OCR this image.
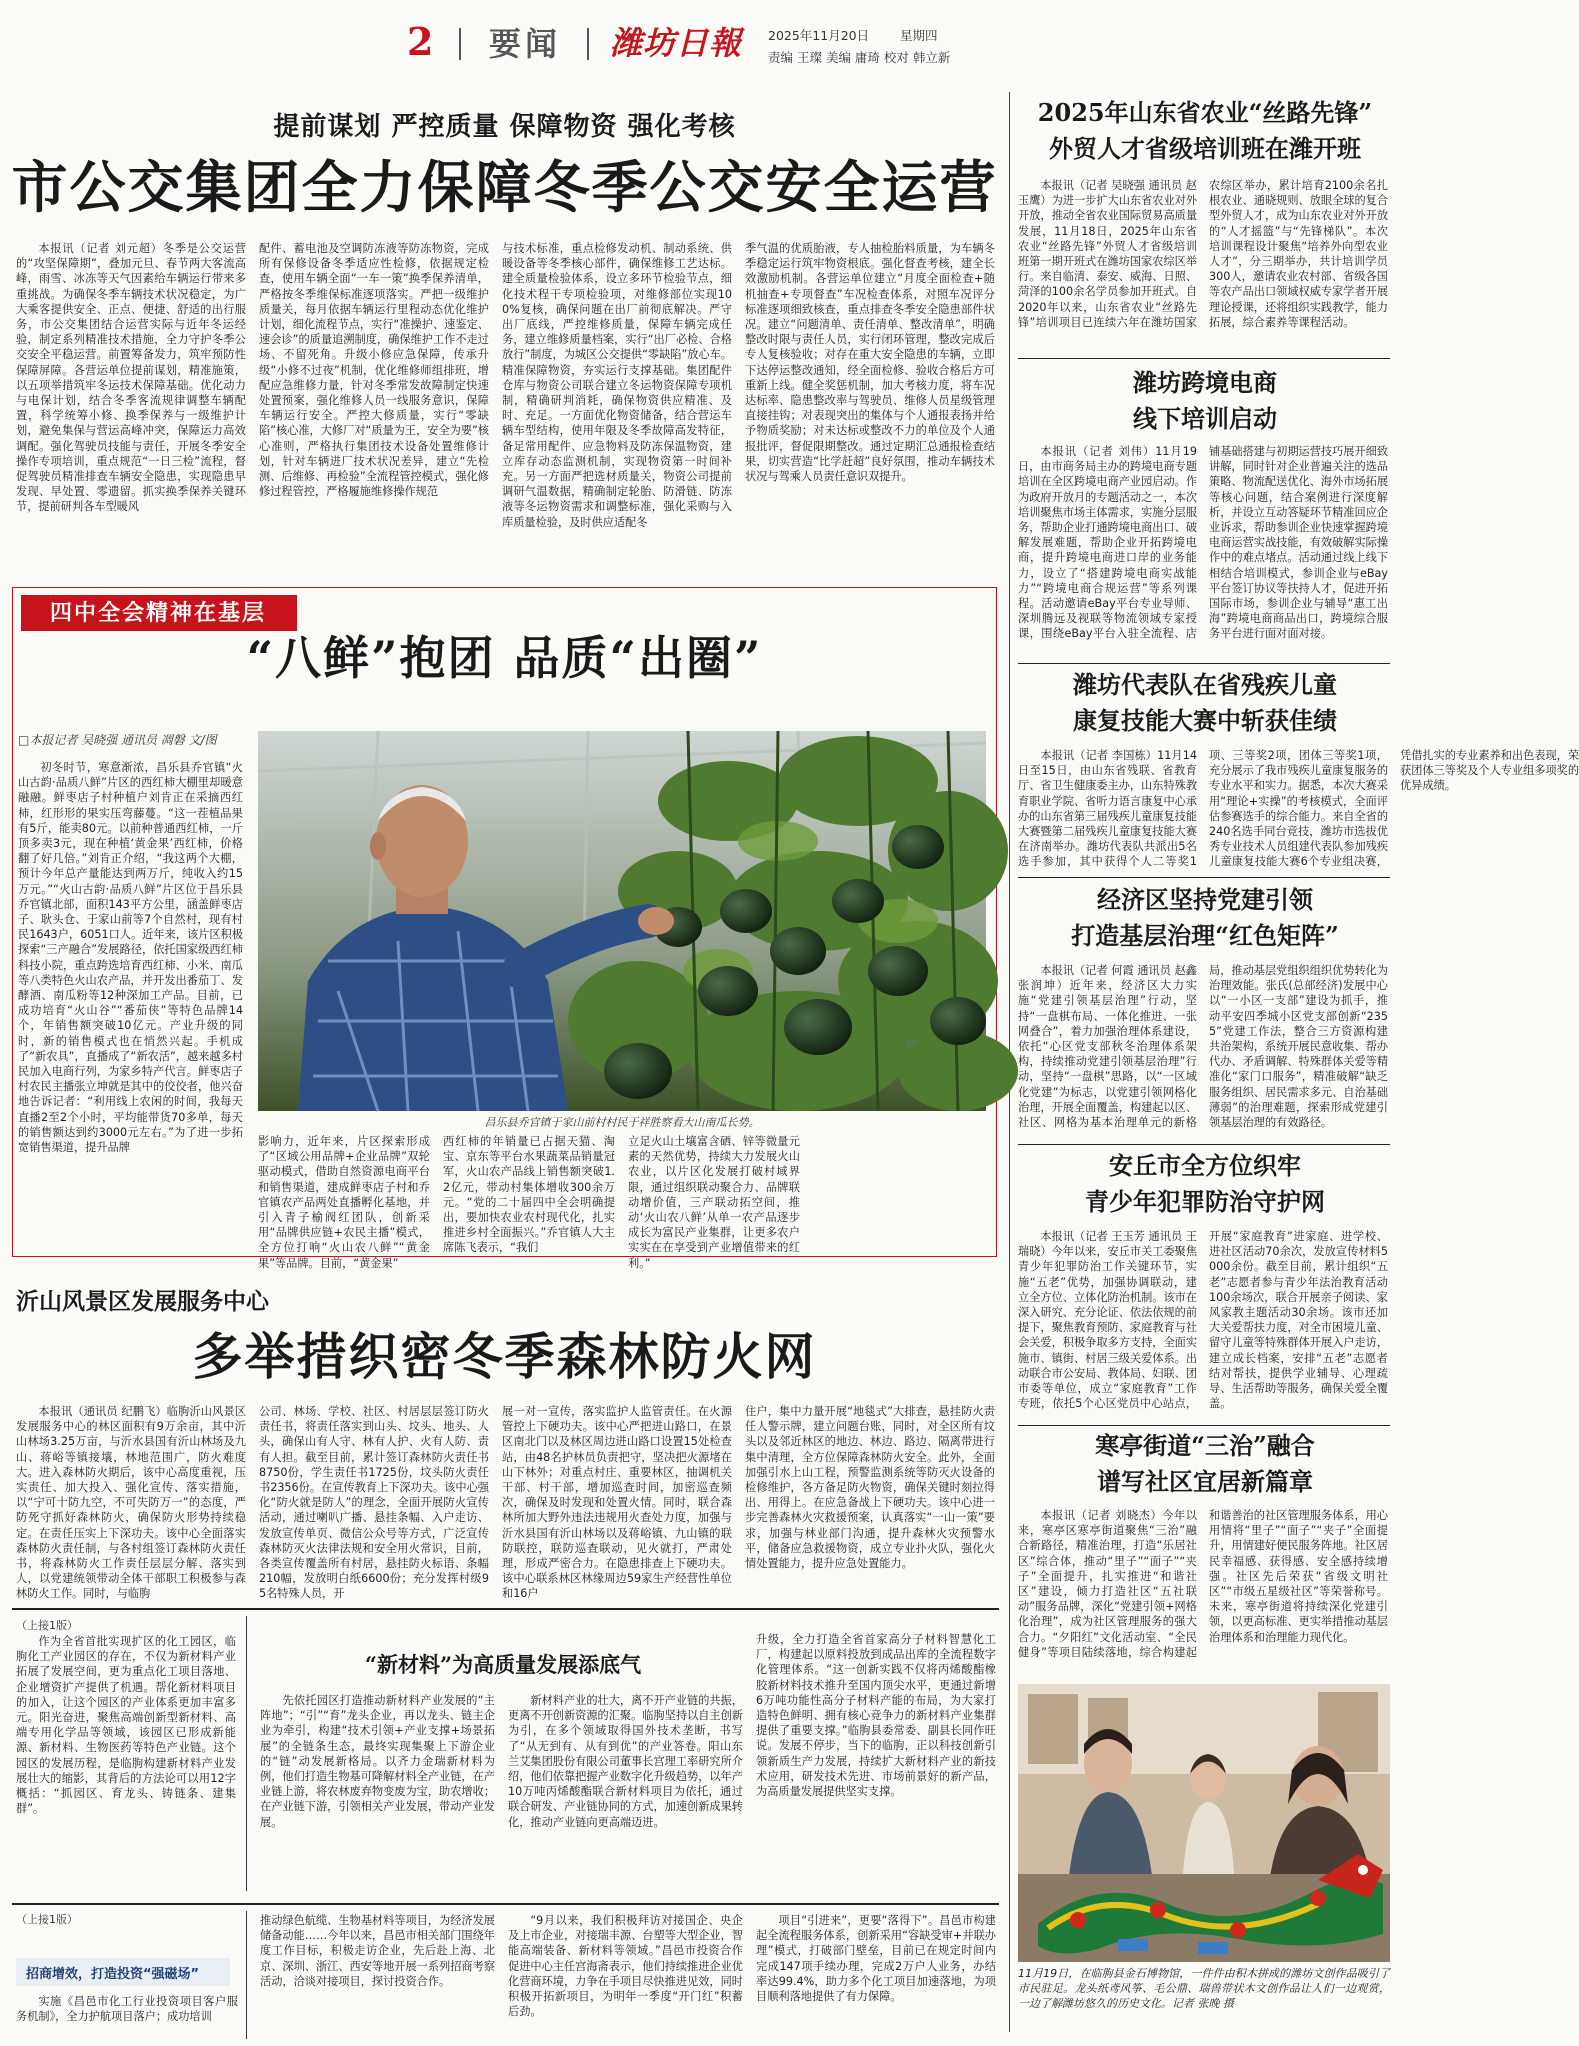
2 要闻 潍坊日報 2025年11月20日 星期四
责编 王璨 美编 庸琦 校对 韩立新
提前谋划 严控质量 保障物资 强化考核
市公交集团全力保障冬季公交安全运营

本报讯（记者 刘元超）冬季是公交运营的“攻坚保障期”，叠加元旦、春节两大客流高峰，雨雪、冰冻等天气因素给车辆运行带来多重挑战。为确保冬季车辆技术状况稳定，为广大乘客提供安全、正点、便捷、舒适的出行服务，市公交集团结合运营实际与近年冬运经验，制定系列精准技术措施，全力守护冬季公交安全平稳运营。前置筹备发力，筑牢预防性保障屏障。各营运单位提前谋划，精准施策，以五项举措筑牢冬运技术保障基础。优化动力与电保计划，结合冬季客流规律调整车辆配置，科学统筹小修、换季保养与一级维护计划，避免集保与营运高峰冲突，保障运力高效调配。强化驾驶员技能与责任，开展冬季安全操作专项培训，重点规范“一日三检”流程，督促驾驶员精准排查车辆安全隐患，实现隐患早发现、早处置、零遗留。抓实换季保养关键环节，提前研判各车型暖风

配件、蓄电池及空调防冻液等防冻物资，完成所有保修设备冬季适应性检修，依据规定检查，使用车辆全面“一车一策”换季保养清单，严格按冬季维保标准逐项落实。严把一级维护质量关，每月依据车辆运行里程动态优化维护计划，细化流程节点，实行“准操护、速鉴定、速会诊”的质量追溯制度，确保维护工作不走过场、不留死角。升级小修应急保障，传承升级“小修不过夜”机制，优化维修师组排班，增配应急维修力量，针对冬季常发故障制定快速处置预案，强化维修人员一线服务意识，保障车辆运行安全。严控大修质量，实行“零缺陷”核心准，大修厂对“质量为王，安全为要”核心准则，严格执行集团技术设备处置维修计划，针对车辆进厂技术状况差异，建立“先检测、后维修、再检验”全流程管控模式，强化修修过程管控，严格履施维修操作规范

与技术标准，重点检修发动机、制动系统、供暖设备等冬季核心部件，确保维修工艺达标。建全质量检验体系，设立多环节检验节点，细化技术程干专项检验项，对维修部位实现100%复核，确保问题在出厂前彻底解决。严守出厂底线，严控维修质量，保障车辆完成任务，建立维修质量档案，实行“出厂必检、合格放行”制度，为城区公交提供“零缺陷”放心车。精准保障物资，夯实运行支撑基础。集团配件仓库与物资公司联合建立冬运物资保障专项机制，精确研判消耗，确保物资供应精准、及时、充足。一方面优化物资储备，结合营运车辆车型结构，使用年限及冬季故障高发特征，备足常用配件、应急物料及防冻保温物资，建立库存动态监测机制，实现物资第一时间补充。另一方面严把选材质量关，物资公司提前调研气温数据，精确制定轮胎、防滑链、防冻液等冬运物资需求和调整标准，强化采购与入库质量检验，及时供应适配冬

季气温的优质胎液，专人抽检胎料质量，为车辆冬季稳定运行筑牢物资根底。强化督查考核，建全长效激励机制。各营运单位建立“月度全面检查+随机抽查+专项督查”车况检查体系，对照车况评分标准逐项细致核查，重点排查冬季安全隐患部件状况。建立“问题清单、责任清单、整改清单”，明确整改时限与责任人员，实行闭环管理，整改完成后专人复核验收；对存在重大安全隐患的车辆，立即下达停运整改通知，经全面检修、验收合格后方可重新上线。健全奖惩机制，加大考核力度，将车况达标率、隐患整改率与驾驶员、维修人员星级管理直接挂钩；对表现突出的集体与个人通报表扬并给予物质奖励；对未达标或整改不力的单位及个人通报批评，督促限期整改。通过定期汇总通报检查结果，切实营造“比学赶超”良好氛围，推动车辆技术状况与驾乘人员责任意识双提升。

四中全会精神在基层
“八鲜”抱团 品质“出圈”
□本报记者 吴晓强 通讯员 凋磐 文/图
昌乐县乔官镇于家山前村村民于祥胜察看大山南瓜长势。

初冬时节，寒意渐浓，昌乐县乔官镇“火山古韵·品质八鲜”片区的西红柿大棚里却暖意融融。鲜枣店子村种植户刘肯正在采摘西红柿，红形形的果实压弯藤蔓。“这一茬植品果有5斤，能卖80元。以前种普通西红柿，一斤顶多卖3元，现在种植‘黄金果’西红柿，价格翻了好几倍。”刘肯正介绍，“我这两个大棚，预计今年总产量能达到两万斤，纯收入约15万元。”“火山古韵·品质八鲜”片区位于昌乐县乔官镇北部，面积143平方公里，涵盖鲜枣店子、耿头仓、于家山前等7个自然村，现有村民1643户，6051口人。近年来，该片区积极探索“三产融合”发展路径，依托国家级西红柿科技小院，重点跨选培育西红柿、小米、南瓜等八类特色火山农产品，并开发出番茄丁、发酵酒、南瓜粉等12种深加工产品。目前，已成功培育“火山谷”“番茄侠”等特色品牌14个，年销售额突破10亿元。产业升级的同时，新的销售模式也在悄然兴起。手机成了“新农具”，直播成了“新农活”，越来越多村民加入电商行列，为家乡特产代言。鲜枣店子村农民主播张立坤就是其中的佼佼者，他兴奋地告诉记者：“利用线上农闲的时间，我每天直播2至2个小时，平均能带货70多单，每天的销售额达到约3000元左右。”为了进一步拓宽销售渠道，提升品牌	影响力，近年来，片区探索形成了“区域公用品牌+企业品牌”双轮驱动模式，借助自然资源电商平台和销售渠道，建成鲜枣店子村和乔官镇农产品两处直播孵化基地，并引入青子榆阀红团队，创新采用“品牌供应链+农民主播”模式，全方位打响“火山农八鲜”“黄金果”等品牌。目前，“黄金果”

西红柿的年销量已占据天猫、淘宝、京东等平台水果蔬菜品销量冠军，火山农产品线上销售额突破1.2亿元，带动村集体增收300余万元。“党的二十届四中全会明确提出，要加快农业农村现代化，扎实推进乡村全面振兴。”乔官镇人大主席陈飞表示，“我们

立足火山土壤富含硒、锌等微量元素的天然优势，持续大力发展火山农业，以片区化发展打破村域界限，通过组织联动聚合力、品牌联动增价值，三产联动拓空间，推动‘火山农八鲜’从单一农产品逐步成长为富民产业集群，让更多农户实实在在享受到产业增值带来的红利。”

沂山风景区发展服务中心
多举措织密冬季森林防火网

本报讯（通讯员 纪鹏飞）临朐沂山风景区发展服务中心的林区面积有9万余亩，其中沂山林场3.25万亩，与沂水县国有沂山林场及九山、蒋峪等镇接壤，林地范围广，防火难度大。进入森林防火期后，该中心高度重视，压实责任、加大投入、强化宣传、落实措施，以“宁可十防九空，不可失防万一”的态度，严防死守抓好森林防火，确保防火形势持续稳定。在责任压实上下深功夫。该中心全面落实森林防火责任制，与各村组签订森林防火责任书，将森林防火工作责任层层分解、落实到人，以党建统领带动全体干部职工积极参与森林防火工作。同时，与临朐

公司、林场、学校、社区、村居层层签订防火责任书，将责任落实到山头、坟头、地头、人头，确保山有人守、林有人护、火有人防、责有人担。截至目前，累计签订森林防火责任书8750份，学生责任书1725份，坟头防火责任书2356份。在宣传教育上下深功夫。该中心强化“防火就是防人”的理念，全面开展防火宣传活动，通过喇叭广播、悬挂条幅、入户走访、发放宣传单页、微信公众号等方式，广泛宣传森林防灭火法律法规和安全用火常识，目前，各类宣传覆盖所有村居，悬挂防火标语、条幅210幅，发放明白纸6600份；充分发挥村级95名特殊人员，开

展一对一宣传，落实监护人监管责任。在火源管控上下硬功夫。该中心严把进山路口，在景区南北门以及林区周边进山路口设置15处检查站，由48名护林员负责把守，坚决把火源堵在山下林外；对重点村庄、重要林区，抽调机关干部、村干部，增加巡查时间，加密巡查频次，确保及时发现和处置火情。同时，联合森林所加大野外违法违规用火查处力度，加强与沂水县国有沂山林场以及蒋峪镇、九山镇的联防联控，联防巡查联动，见火就打，严肃处理，形成严密合力。在隐患排查上下硬功夫。该中心联系林区林缘周边59家生产经营性单位和16户

住户，集中力量开展“地毯式”大排查，悬挂防火责任人警示牌，建立问题台账，同时，对全区所有坟头以及邻近林区的地边、林边、路边、隔离带进行集中清理，全方位保障森林防火安全。此外，全面加强引水上山工程，预警监测系统等防灭火设备的检修维护，各方备足防火物资，确保关键时刻拉得出、用得上。在应急备战上下硬功夫。该中心进一步完善森林火灾救援预案，认真落实“一山一策”要求，加强与林业部门沟通，提升森林火灾预警水平，储备应急救援物资，成立专业扑火队，强化火情处置能力，提升应急处置能力。

（上接1版）

作为全省首批实现扩区的化工园区，临朐化工产业园区的存在，不仅为新材料产业拓展了发展空间，更为重点化工项目落地、企业增资扩产提供了机遇。帮化新材料项目的加入，让这个园区的产业体系更加丰富多元。阳光奋进，聚焦高端创新型新材料、高端专用化学品等领域，该园区已形成新能源、新材料、生物医药等特色产业链。这个园区的发展历程，是临朐构建新材料产业发展壮大的缩影，其背后的方法论可以用12字概括：“抓园区、育龙头、铸链条、建集群”。

“新材料”为高质量发展添底气

先依托园区打造推动新材料产业发展的“主阵地”；“引”“育”龙头企业，再以龙头、链主企业为牵引，构建“技术引领+产业支撑+场景拓展”的全链条生态，最终实现集聚上下游企业的“链”动发展新格局。以齐力金瑞新材料为例，他们打造生物基可降解材料全产业链，在产业链上游，将农林废弃物变废为宝，助农增收；在产业链下游，引领相关产业发展，带动产业发展。

新材料产业的壮大，离不开产业链的共振，更离不开创新资源的汇聚。临朐坚持以自主创新为引，在多个领域取得国外技术垄断，书写了“从无到有、从有到优”的产业答卷。阳山东兰艾集团股份有限公司董事长宫理工率研究所介绍，他们依靠把握产业数字化升级趋势，以年产10万吨丙烯酸酯联合新材料项目为依托，通过联合研发、产业链协同的方式，加速创新成果转化，推动产业链向更高端迈进。

升级，全力打造全省首家高分子材料智慧化工厂，构建起以原料投放到成品出库的全流程数字化管理体系。“这一创新实践不仅将丙烯酸酯橡胶新材料技术推升至国内顶尖水平，更通过新增6万吨功能性高分子材料产能的布局，为大家打造特色鲜明、拥有核心竞争力的新材料产业集群提供了重要支撑。”临朐县委常委、副县长同作旺说。发展不停步，当下的临朐，正以科技创新引领新质生产力发展，持续扩大新材料产业的新技术应用，研发技术先进、市场前景好的新产品，为高质量发展提供坚实支撑。

（上接1版）
招商增效，打造投资“强磁场”

实施《昌邑市化工行业投资项目客户服务机制》，全力护航项目落户；成功培训

推动绿色航缆、生物基材料等项目，为经济发展储备动能……今年以来，昌邑市相关部门围绕年度工作目标，积极走访企业，先后赴上海、北京、深圳、浙江、西安等地开展一系列招商考察活动，洽谈对接项目，探讨投资合作。

“9月以来，我们积极拜访对接国企、央企及上市企业，对接瑞丰源、台塑等大型企业，智能高端装备、新材料等领域。”昌邑市投资合作促进中心主任宫海斋表示，他们持续推进企业优化营商环境，力争在手项目尽快推进见效，同时积极开拓新项目，为明年一季度“开门红”积蓄后劲。

项目“引进来”，更要“落得下”。昌邑市构建起全流程服务体系，创新采用“容缺受审+并联办理”模式，打破部门壁垒，目前已在规定时间内完成147项手续办理，完成2万户人业务，办结率达99.4%，助力多个化工项目加速落地，为项目顺利落地提供了有力保障。

2025年山东省农业“丝路先锋”
外贸人才省级培训班在潍开班

本报讯（记者 吴晓强 通讯员 赵玉鹰）为进一步扩大山东省农业对外开放，推动全省农业国际贸易高质量发展，11月18日，2025年山东省农业“丝路先锋”外贸人才省级培训班第一期开班式在潍坊国家农综区举行。来自临清、泰安、威海、日照、菏泽的100余名学员参加开班式。自2020年以来，山东省农业“丝路先锋”培训项目已连续六年在潍坊国家农综区举办，累计培育2100余名扎根农业、通晓规则、放眼全球的复合型外贸人才，成为山东农业对外开放的“人才摇篮”与“先锋梯队”。本次培训课程设计聚焦“培养外向型农业人才”，分三期举办，共计培训学员300人，邀请农业农村部、省级各国等农产品出口领域权威专家学者开展理论授课，还将组织实践教学，能力拓展，综合素养等课程活动。

潍坊跨境电商
线下培训启动

本报讯（记者 刘伟）11月19日，由市商务局主办的跨境电商专题培训在全区跨境电商产业园启动。作为政府开放月的专题活动之一，本次培训聚焦市场主体需求，实施分层服务，帮助企业打通跨境电商出口、破解发展难题，帮助企业开拓跨境电商，提升跨境电商进口岸的业务能力，设立了“搭建跨境电商实战能力”“跨境电商合规运营”等系列课程。活动邀请eBay平台专业导师、深圳腾远及视联等物流领域专家授课，围绕eBay平台入驻全流程、店铺基础搭建与初期运营技巧展开细致讲解，同时针对企业普遍关注的选品策略、物流配送优化、海外市场拓展等核心问题，结合案例进行深度解析，并设立互动答疑环节精准回应企业诉求，帮助参训企业快速掌握跨境电商运营实战技能，有效破解实际操作中的难点堵点。活动通过线上线下相结合培训模式，参训企业与eBay平台签订协议等扶持人才，促进开拓国际市场，参训企业与辅导“惠工出海”跨境电商商品出口，跨境综合服务平台进行面对面对接。

潍坊代表队在省残疾儿童
康复技能大赛中斩获佳绩

本报讯（记者 李国栋）11月14日至15日，由山东省残联、省教育厅、省卫生健康委主办，山东特殊教育职业学院、省听力语言康复中心承办的山东省第三届残疾儿童康复技能大赛暨第二届残疾儿童康复技能大赛在济南举办。潍坊代表队共派出5名选手参加，其中获得个人二等奖1项、三等奖2项，团体三等奖1项，充分展示了我市残疾儿童康复服务的专业水平和实力。据悉，本次大赛采用“理论+实操”的考核模式，全面评估参赛选手的综合能力。来自全省的240名选手同台竞技，潍坊市选拔优秀专业技术人员组建代表队参加残疾儿童康复技能大赛6个专业组决赛，凭借扎实的专业素养和出色表现，荣获团体三等奖及个人专业组多项奖的优异成绩。

经济区坚持党建引领
打造基层治理“红色矩阵”

本报讯（记者 何霞 通讯员 赵鑫 张润坤）近年来，经济区大力实施“党建引领基层治理”行动，坚持“一盘棋布局、一体化推进、一张网叠合”，着力加强治理体系建设，依托“心区党支部秋冬治理体系架构，持续推动党建引领基层治理”行动，坚持“一盘棋”思路，以“一区域化党建”为标志，以党建引领网格化治理，开展全面覆盖，构建起以区、社区、网格为基本治理单元的新格局，推动基层党组织组织优势转化为治理效能。张氏(总部经济)发展中心以“一小区一支部”建设为抓手，推动平安四季城小区党支部创新“2355”党建工作法，整合三方资源构建共治架构，系统开展民意收集、帮办代办、矛盾调解、特殊群体关爱等精准化“家门口服务”，精准破解“缺乏服务组织、居民需求多元、自治基础薄弱”的治理难题，探索形成党建引领基层治理的有效路径。

安丘市全方位织牢
青少年犯罪防治守护网

本报讯（记者 王玉芳 通讯员 王瑞晓）今年以来，安丘市关工委聚焦青少年犯罪防治工作关键环节，实施“五老”优势，加强协调联动，建立全方位、立体化防治机制。该市在深入研究、充分论证、依法依规的前提下，聚焦教育预防、家庭教育与社会关爱，积极争取多方支持，全面实施市、镇街、村居三级关爱体系。出动联合市公安局、教体局、妇联、团市委等单位，成立“家庭教育”工作专班，依托5个心区党员中心站点，开展“家庭教育”进家庭、进学校、进社区活动70余次，发放宣传材料5000余份。截至目前，累计组织“五老”志愿者参与青少年法治教育活动100余场次，联合开展亲子阅读、家风家教主题活动30余场。该市还加大关爱帮扶力度，对全市困境儿童、留守儿童等特殊群体开展入户走访，建立成长档案，安排“五老”志愿者结对帮扶，提供学业辅导、心理疏导、生活帮助等服务，确保关爱全覆盖。

寒亭街道“三治”融合
谱写社区宜居新篇章

本报讯（记者 刘晓杰）今年以来，寒亭区寒亭街道聚焦“三治”融合新路径，精准治理，打造“乐居社区”综合体，推动“里子”“面子”“夹子”全面提升，扎实推进“和谐社区”建设，倾力打造社区“五社联动”服务品牌，深化“党建引领+网格化治理”，成为社区管理服务的强大合力。“夕阳红”文化活动室、“全民健身”等项目陆续落地，综合构建起和谐善治的社区管理服务体系，用心用情将“里子”“面子”“夹子”全面提升，用情建好便民服务阵地。社区居民幸福感、获得感、安全感持续增强。社区先后荣获“省级文明社区”“市级五星级社区”等荣誉称号。未来，寒亭街道将持续深化党建引领，以更高标准、更实举措推动基层治理体系和治理能力现代化。

11月19日，在临朐县金石博物馆，一件件由积木拼成的潍坊文创作品吸引了市民驻足。龙头纸鸢风筝、毛公鼎、瑞兽带状木文创作品让人们一边观赏，一边了解潍坊悠久的历史文化。记者 张晚 摄
